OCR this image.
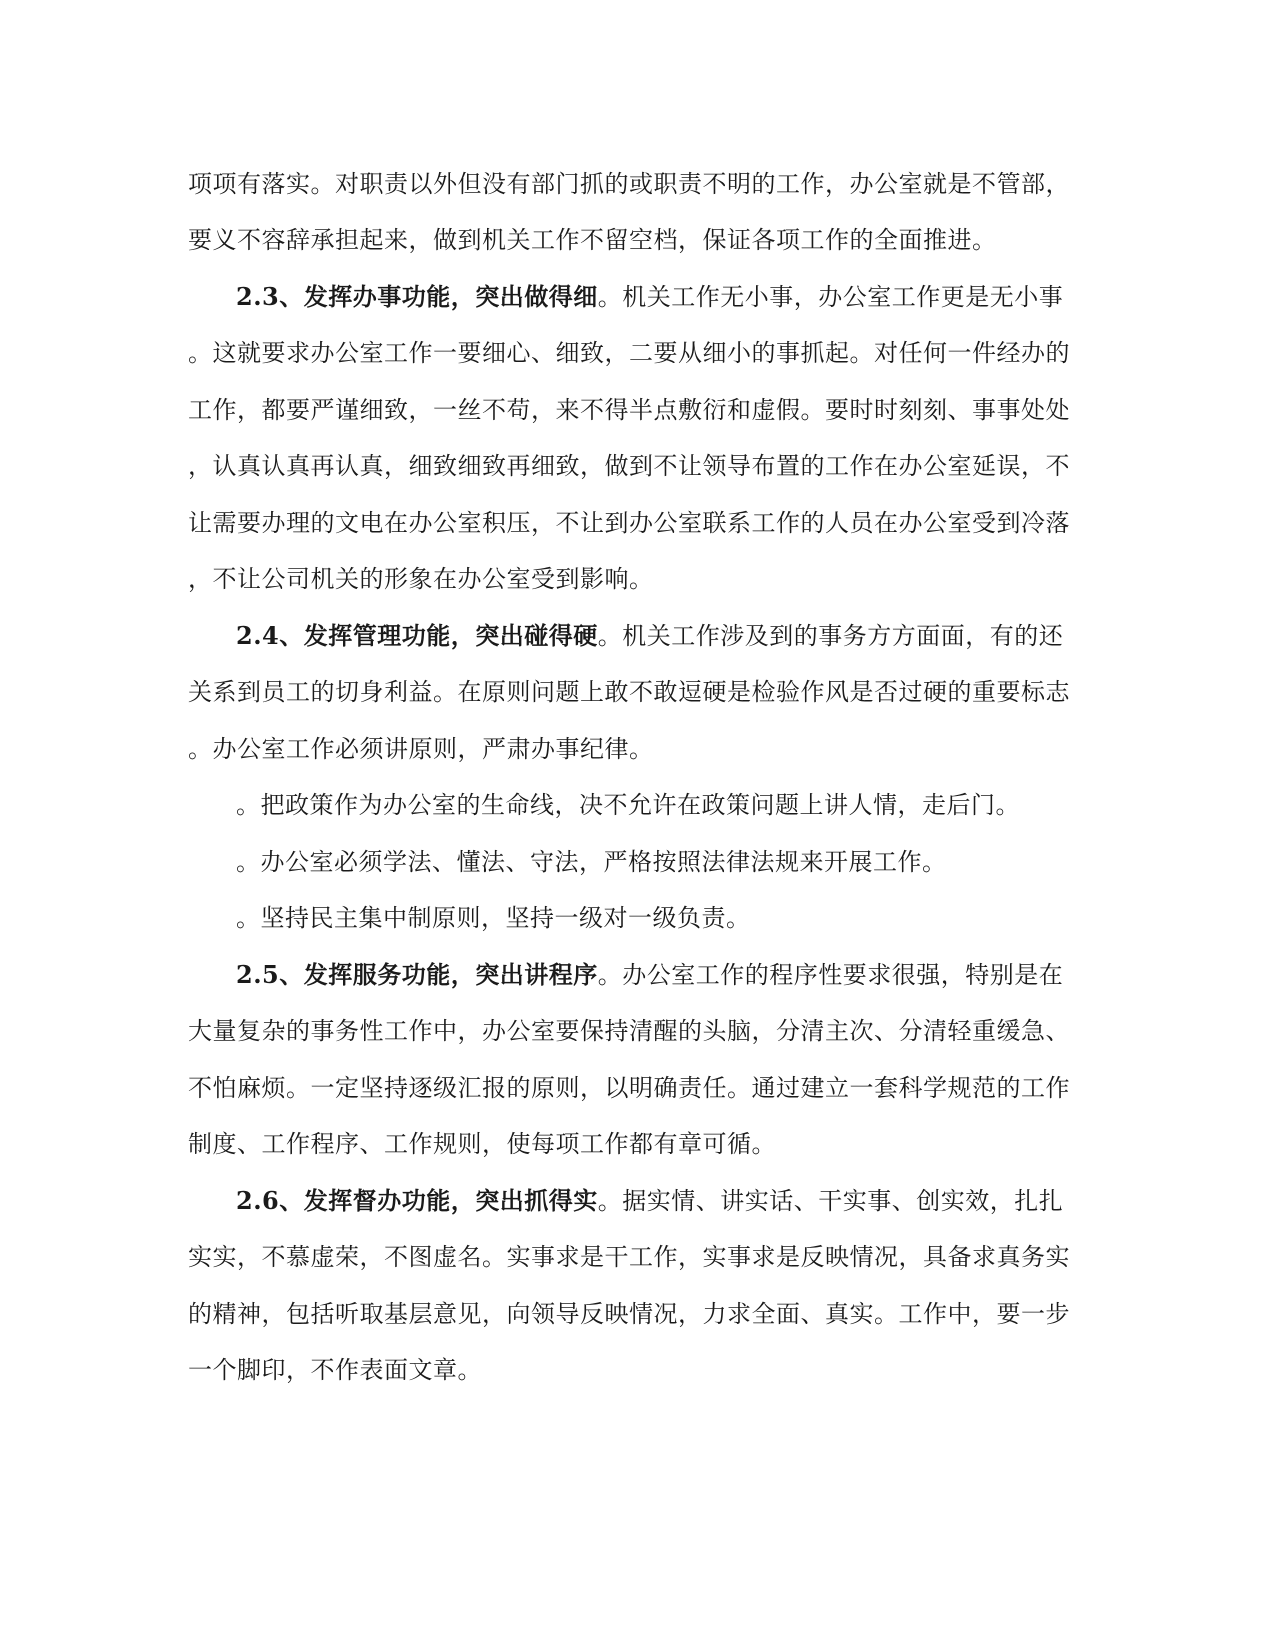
项项有落实。对职责以外但没有部门抓的或职责不明的工作，办公室就是不管部，
要义不容辞承担起来，做到机关工作不留空档，保证各项工作的全面推进。
2.3、发挥办事功能，突出做得细。机关工作无小事，办公室工作更是无小事
。这就要求办公室工作一要细心、细致，二要从细小的事抓起。对任何一件经办的
工作，都要严谨细致，一丝不苟，来不得半点敷衍和虚假。要时时刻刻、事事处处
，认真认真再认真，细致细致再细致，做到不让领导布置的工作在办公室延误，不
让需要办理的文电在办公室积压，不让到办公室联系工作的人员在办公室受到冷落
，不让公司机关的形象在办公室受到影响。
2.4、发挥管理功能，突出碰得硬。机关工作涉及到的事务方方面面，有的还
关系到员工的切身利益。在原则问题上敢不敢逗硬是检验作风是否过硬的重要标志
。办公室工作必须讲原则，严肃办事纪律。
。把政策作为办公室的生命线，决不允许在政策问题上讲人情，走后门。
。办公室必须学法、懂法、守法，严格按照法律法规来开展工作。
。坚持民主集中制原则，坚持一级对一级负责。
2.5、发挥服务功能，突出讲程序。办公室工作的程序性要求很强，特别是在
大量复杂的事务性工作中，办公室要保持清醒的头脑，分清主次、分清轻重缓急、
不怕麻烦。一定坚持逐级汇报的原则，以明确责任。通过建立一套科学规范的工作
制度、工作程序、工作规则，使每项工作都有章可循。
2.6、发挥督办功能，突出抓得实。据实情、讲实话、干实事、创实效，扎扎
实实，不慕虚荣，不图虚名。实事求是干工作，实事求是反映情况，具备求真务实
的精神，包括听取基层意见，向领导反映情况，力求全面、真实。工作中，要一步
一个脚印，不作表面文章。
